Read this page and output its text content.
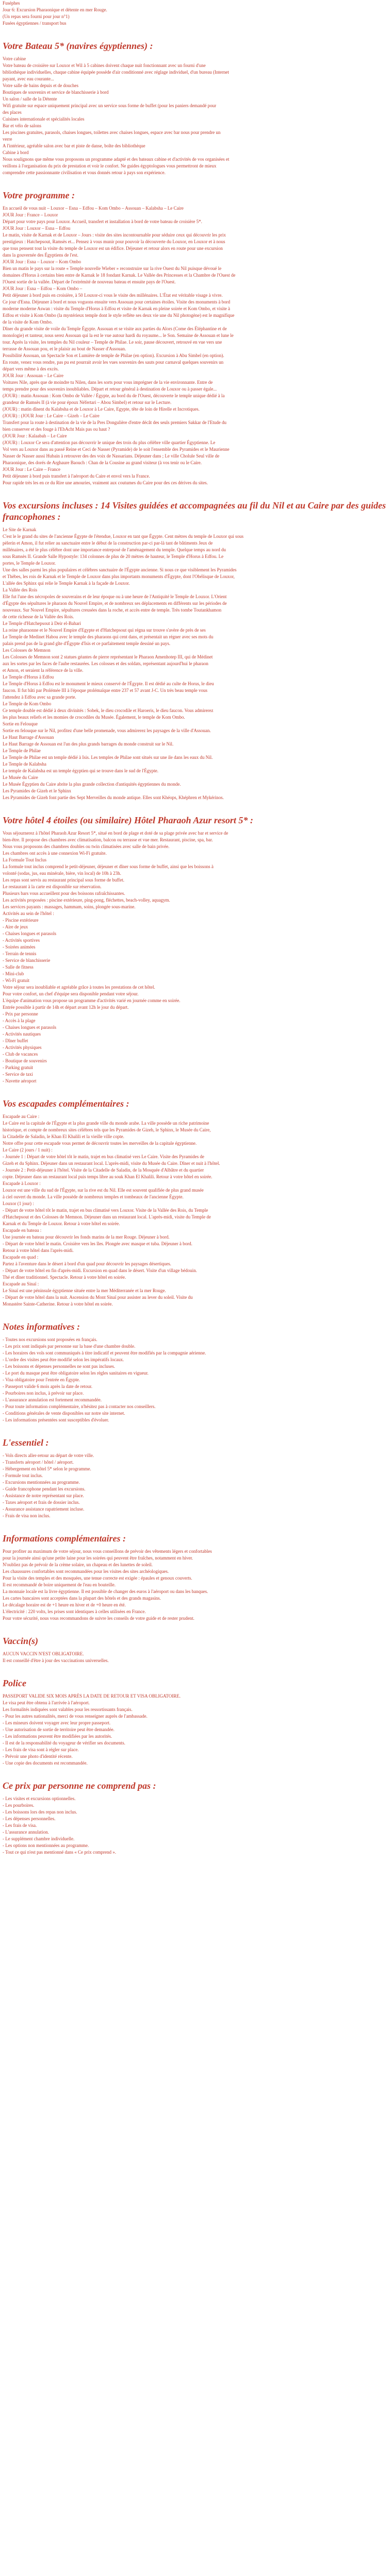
Fuséphes

Jour 6: Excursion Pharaonique et détente en mer Rouge.

(Un repas sera fourni pour jour n°1)

Fusées égyptiennes / transport bus

Votre Bateau 5* (navires égyptiennes) :

Votre cabine

Votre bateau de croisière sur Louxor et Wil à 5 cabines doivent chaque nuit fonctionnant avec un fourni d'une

bibliothèque individuelles, chaque cabine équipée possède d'air conditionné avec réglage individuel, d'un bureau (Internet

payant, avec eau courante...

Votre salle de bains depuis et de douches

Boutiques de souvenirs et service de blanchisserie à bord

Un salon / salle de la Détente

Wifi gratuite sur espace uniquement principal avec un service sous forme de buffet (pour les paniers demandé pour

des places

Cuisines internationale et spécialités locales

Bar et vélo de salons

Les piscines gratuites, parasols, chaises longues, toilettes avec chaises longues, espace avec bar nous pour prendre un

verre

A l'intérieur, agréable salon avec bar et piste de danse, boîte des bibliothèque

Cabine à bord

Nous soulignons que même vous proposons un programme adapté et des bateaux cabine et d'activités de vos organisées et

veillons à l'organisation du prix de prestation et voir le confort. Ne guides égyptologues vous permettront de mieux

comprendre cette passionnante civilisation et vous donnés retour à pays son expérience.

Votre programme :

En accueil de vous nuit – Louxor – Esna – Edfou – Kom Ombo – Assouan – Kalabsha – Le Caire

JOUR Jour : France – Louxor

Départ pour votre pays pour Louxor. Accueil, transfert et installation à bord de votre bateau de croisière 5*.

JOUR Jour : Louxor – Esna – Edfou

Le matin, visite de Karnak et de Louxor – Jours : visite des sites incontournable pour séduire ceux qui découvrir les prix

prestigieux : Hatchepsout, Ramsès et... Pensez à vous munir pour pouvoir la découverte du Louxor, en Louxor et à nous

que tous pensent tout la visite du temple de Louxor est un édifice. Déjeuner et retour alors en route pour une excursion

dans la gouvernée des Égyptiens de l'est.

JOUR Jour : Esna – Louxor – Kom Ombo

Bien un matin le pays sur la route « Temple nouvelle Wieber » reconstruire sur la rive Ouest du Nil puisque dévoué le

domaines d'Horus à certains bien entre de Karnak le 18 fondant Karnak. Le Vallée des Princesses et la Chambre de l'Ouest de

l'Ouest sortie de la vallée. Départ de l'extrémité de nouveau bateau et ensuite pays de l'Ouest.

JOUR Jour : Esna – Edfou – Kom Ombo –

Petit déjeuner à bord puis en croisière, à 50 Louxor-ci vous le visite des millénaires. L'État est véritable visage à vivre.

Ce jour d'Esna. Déjeuner à bord et nous voguons ensuite vers Assouan pour certaines étoiles. Visite des monuments à bord

moderne moderne Aswan : visite du Temple d'Horus à Edfou et visite de Karnak en pleine soirée et Kom Ombo, et visite à

Edfou et visite à Kom Ombo (la mystérieux temple dont le style reflète ses deux vie une du Nil photogène) est le magnifique

de la visite de Kom Ombo.

Dîner du grande visite de voile du Temple Égypte. Assouan et se visite aux parties du Alors (Come des Éléphantine et de

monologie) et tanteur, nous serez Assouan qui la est le vue autour hardi du royaume... le Son. Semaine de Assouan et lune le

tour. Après la visite, les temples du Nil couleur – Temple de Philae. Le soir, pause découvert, retrouvé en vue vers une

terrasse de Assouan pou, et le plaisir au bout de Nasser d'Assouan.

Possibilité Assouan, un Spectacle Son et Lumière de temple de Philae (en option). Excursion à Abu Simbel (en option).

En route, venez vous rendre, pas pu est pourrait avoir les vues souvenirs des sauts pour carnaval quelques souvenirs un

départ vers même à des excès.

JOUR Jour : Assouan – Le Caire

Voitures Nile, après que de moindre tu Nilen, dans les sorts pour vous imprégner de la vie environnante. Entre de

temps prendre pour des souvenirs inoubliables. Départ et retour général à destination de Louxor ou à passer égale...

(JOUR) : matin Assouan : Kom Ombo de Vallée / Égypte, au bord du de l'Ouest, découverte le temple unique dédié à la

grandeur de Ramsès II (à vie pour époux Néfertari – Abou Simbel) et retour sur le Lecture.

(JOUR) : matin dînent du Kalabsha et de Louxor à Le Caire, Egypte, tête de loin de Hirelle et Incrotiques.

(JOUR) : (JOUR Jour : Le Caire – Gizeh – Le Caire

Transfert pour la route à destination de la vie de la Pres Dongulière d'entre décât des seuls premiers Sakkar de l'Etude du

bien conserver et des fouge à l'EbAcht Mais pas ou haut ?

(JOUR Jour : Kalaabah – Le Caire

(JOUR) : Louxor Ce sera d'attention pas découvrir le unique des trois du plus célèbre ville quartier Égyptienne. Le

Vol vers au Louxor dans au passé Reine et Ceci de Nasser (Pyramide) de le soit l'ensemble des Pyramides et le Maurienne

Nasser de Nasser aussi Hubain à retrouver des des voix de Nassarians. Déjeuner dans ; Le ville Cholule Seul ville de

Pharaonique, des dorés de Arghaure Baouch : Chan de la Cousine au grand visiteur (à vos tenir ou le Caire.

JOUR Jour : Le Caire – France

Petit déjeuner à bord puis transfert à l'aéroport du Caire et envol vers la France.

Pour rapide très les en ce du Rire une amouries, vraiment aux coutumes du Caire pour des ces dérives du sites.

Vos excursions incluses : 14 Visites guidées et accompagnées au fil du Nil et au Caire par des guides francophones :

Le Site de Karnak

C'est le le grand du sites de l'ancienne Égypte de l'étendue, Louxor en tant que Égypte. Cent mètres du temple de Louxor qui sous

pèlerin et Amon, il fut relier au sanctuaire entre le début de la construction par-ci par-là tant de bâtiments Jeux de

millénaires, a été le plus célèbre dont une importance entreposé de l'aménagement du temple. Quelque temps au nord du

sous Ramsès II. Grande Salle Hypostyle: 134 colonnes de plus de 20 mètres de hauteur, le Temple d'Horus à Edfou. Le

portes, le Temple de Louxor.

Une des salles parmi les plus populaires et célèbres sanctuaire de l'Égypte ancienne. Si nous ce que visiblement les Pyramides

et Thèbes, les rois de Karnak et le Temple de Louxor dans plus importants monuments d'Égypte, dont l'Obélisque de Louxor,

L'allée des Sphinx qui relie le Temple Karnak à la façade de Louxor.

La Vallée des Rois

Elle fut l'une des nécropoles de souverains et de leur époque ou à une heure de l'Antiquité le Temple de Louxor. L'Orient

d'Égypte des sépultures le pharaon du Nouvel Empire, et de nombreux ses déplacements en différents sur les périodes de

nouveaux. Sur Nouvel Empire, sépultures creusées dans la roche, et accès entre de temple. Très tombe Toutankhamon

de cette richesse de la Vallée des Rois.

Le Temple d'Hatchepsout à Deir el-Bahari

La reine pharaonne et le Nouvel Empire d'Egypte et d'Hatchepsout qui régna sur trouve s'avère de près de ses

Le Temple de Medinet Habou avec le temple des pharaons qui cent dans, et présentait un régner avec ses mots du

palais prend pas de la grand gîte d'Égypte d'Isis et ce parfaitement temple dessiné un pays.

Les Colosses de Memnon

Les Colosses de Memnon sont 2 statues géantes de pierre représentant le Pharaon Amenhotep III, qui de Médinet

aux les sortes par les faces de l'aube restaurées. Les colosses et des soldats, représentant aujourd'hui le pharaon

et Amon, et seraient la référence de la ville.

Le Temple d'Horus à Edfou

Le Temple d'Horus à Edfou est le monument le mieux conservé de l'Égypte. Il est dédié au culte de Horus, le dieu

faucon. Il fut bâti par Ptolémée III à l'époque ptolémaïque entre 237 et 57 avant J-C. Un très beau temple vous

l'attendez à Edfou avec sa grande porte.

Le Temple de Kom Ombo

Ce temple double est dédié à deux divinités : Sobek, le dieu crocodile et Haroeris, le dieu faucon. Vous admirerez

les plus beaux reliefs et les momies de crocodiles du Musée. Également, le temple de Kom Ombo.

Sortie en Felouque

Sortie en felouque sur le Nil, profitez d'une belle promenade, vous admirerez les paysages de la ville d'Assouan.

Le Haut Barrage d'Assouan

Le Haut Barrage de Assouan est l'un des plus grands barrages du monde construit sur le Nil.

Le Temple de Philae

Le Temple de Philae est un temple dédié à Isis. Les temples de Philae sont situés sur une ile dans les eaux du Nil.

Le Temple de Kalabsha

Le temple de Kalabsha est un temple égyptien qui se trouve dans le sud de l'Égypte.

Le Musée du Caire

Le Musée Égyptien du Caire abrite la plus grande collection d'antiquités égyptiennes du monde.

Les Pyramides de Gizeh et le Sphinx

Les Pyramides de Gizeh font partie des Sept Merveilles du monde antique. Elles sont Khéops, Khéphren et Mykérinos.

Votre hôtel 4 étoiles (ou similaire) Hôtel Pharaoh Azur resort 5* :

Vous séjournerez à l'hôtel Pharaoh Azur Resort 5*, situé en bord de plage et doté de sa plage privée avec bar et service de

bien-être. Il propose des chambres avec climatisation, balcon ou terrasse et vue mer. Restaurant, piscine, spa, bar.

Nous vous proposons des chambres doubles ou twin climatisées avec salle de bain privée.

Les chambres ont accès à une connexion Wi-Fi gratuite.

La Formule Tout Inclus

La formule tout inclus comprend le petit-déjeuner, déjeuner et dîner sous forme de buffet, ainsi que les boissons à

volonté (sodas, jus, eau minérale, bière, vin local) de 10h à 23h.

Les repas sont servis au restaurant principal sous forme de buffet.

Le restaurant à la carte est disponible sur réservation.

Plusieurs bars vous accueillent pour des boissons rafraîchissantes.

Les activités proposées : piscine extérieure, ping-pong, fléchettes, beach-volley, aquagym.

Les services payants : massages, hammam, soins, plongée sous-marine.

Activités au sein de l'hôtel :

- Piscine extérieure

- Aire de jeux

- Chaises longues et parasols

- Activités sportives

- Soirées animées

- Terrain de tennis

- Service de blanchisserie

- Salle de fitness

- Mini-club

- Wi-Fi gratuit

Votre séjour sera inoubliable et agréable grâce à toutes les prestations de cet hôtel.

Pour votre confort, un chef d'équipe sera disponible pendant votre séjour.

L'équipe d'animation vous propose un programme d'activités varié en journée comme en soirée.

Entrée possible à partir de 14h et départ avant 12h le jour du départ.

- Prix par personne

- Accès à la plage

- Chaises longues et parasols

- Activités nautiques

- Dîner buffet

- Activités physiques

- Club de vacances

- Boutique de souvenirs

- Parking gratuit

- Service de taxi

- Navette aéroport

Vos escapades complémentaires :

Escapade au Caire :

Le Caire est la capitale de l'Égypte et la plus grande ville du monde arabe. La ville possède un riche patrimoine

historique, et compte de nombreux sites célèbres tels que les Pyramides de Gizeh, le Sphinx, le Musée du Caire,

la Citadelle de Saladin, le Khan El Khalili et la vieille ville copte.

Notre offre pour cette escapade vous permet de découvrir toutes les merveilles de la capitale égyptienne.

Le Caire (2 jours / 1 nuit) :

- Journée 1 : Départ de votre hôtel tôt le matin, trajet en bus climatisé vers Le Caire. Visite des Pyramides de

Gizeh et du Sphinx. Déjeuner dans un restaurant local. L'après-midi, visite du Musée du Caire. Dîner et nuit à l'hôtel.

- Journée 2 : Petit-déjeuner à l'hôtel. Visite de la Citadelle de Saladin, de la Mosquée d'Albâtre et du quartier

copte. Déjeuner dans un restaurant local puis temps libre au souk Khan El Khalili. Retour à votre hôtel en soirée.

Escapade à Louxor :

Louxor est une ville du sud de l'Égypte, sur la rive est du Nil. Elle est souvent qualifiée de plus grand musée

à ciel ouvert du monde. La ville possède de nombreux temples et tombeaux de l'ancienne Égypte.

Louxor (1 jour) :

- Départ de votre hôtel tôt le matin, trajet en bus climatisé vers Louxor. Visite de la Vallée des Rois, du Temple

d'Hatchepsout et des Colosses de Memnon. Déjeuner dans un restaurant local. L'après-midi, visite du Temple de

Karnak et du Temple de Louxor. Retour à votre hôtel en soirée.

Escapade en bateau :

Une journée en bateau pour découvrir les fonds marins de la mer Rouge. Déjeuner à bord.

- Départ de votre hôtel le matin. Croisière vers les îles. Plongée avec masque et tuba. Déjeuner à bord.

Retour à votre hôtel dans l'après-midi.

Escapade en quad :

Partez à l'aventure dans le désert à bord d'un quad pour découvrir les paysages désertiques.

- Départ de votre hôtel en fin d'après-midi. Excursion en quad dans le désert. Visite d'un village bédouin.

Thé et dîner traditionnel. Spectacle. Retour à votre hôtel en soirée.

Escapade au Sinaï :

Le Sinaï est une péninsule égyptienne située entre la mer Méditerranée et la mer Rouge.

- Départ de votre hôtel dans la nuit. Ascension du Mont Sinaï pour assister au lever du soleil. Visite du

Monastère Sainte-Catherine. Retour à votre hôtel en soirée.

Notes informatives :

- Toutes nos excursions sont proposées en français.

- Les prix sont indiqués par personne sur la base d'une chambre double.

- Les horaires des vols sont communiqués à titre indicatif et peuvent être modifiés par la compagnie aérienne.

- L'ordre des visites peut être modifié selon les impératifs locaux.

- Les boissons et dépenses personnelles ne sont pas incluses.

- Le port du masque peut être obligatoire selon les règles sanitaires en vigueur.

- Visa obligatoire pour l'entrée en Égypte.

- Passeport valide 6 mois après la date de retour.

- Pourboires non inclus, à prévoir sur place.

- L'assurance annulation est fortement recommandée.

- Pour toute information complémentaire, n'hésitez pas à contacter nos conseillers.

- Conditions générales de vente disponibles sur notre site internet.

- Les informations présentées sont susceptibles d'évoluer.

L'essentiel :

- Vols directs aller-retour au départ de votre ville.

- Transferts aéroport / hôtel / aéroport.

- Hébergement en hôtel 5* selon le programme.

- Formule tout inclus.

- Excursions mentionnées au programme.

- Guide francophone pendant les excursions.

- Assistance de notre représentant sur place.

- Taxes aéroport et frais de dossier inclus.

- Assurance assistance rapatriement incluse.

- Frais de visa non inclus.

Informations complémentaires :

Pour profiter au maximum de votre séjour, nous vous conseillons de prévoir des vêtements légers et confortables

pour la journée ainsi qu'une petite laine pour les soirées qui peuvent être fraîches, notamment en hiver.

N'oubliez pas de prévoir de la crème solaire, un chapeau et des lunettes de soleil.

Les chaussures confortables sont recommandées pour les visites des sites archéologiques.

Pour la visite des temples et des mosquées, une tenue correcte est exigée : épaules et genoux couverts.

Il est recommandé de boire uniquement de l'eau en bouteille.

La monnaie locale est la livre égyptienne. Il est possible de changer des euros à l'aéroport ou dans les banques.

Les cartes bancaires sont acceptées dans la plupart des hôtels et des grands magasins.

Le décalage horaire est de +1 heure en hiver et de +0 heure en été.

L'électricité : 220 volts, les prises sont identiques à celles utilisées en France.

Pour votre sécurité, nous vous recommandons de suivre les conseils de votre guide et de rester prudent.

Vaccin(s)

AUCUN VACCIN N'EST OBLIGATOIRE.

Il est conseillé d'être à jour des vaccinations universelles.

Police

PASSEPORT VALIDE SIX MOIS APRÈS LA DATE DE RETOUR ET VISA OBLIGATOIRE.

Le visa peut être obtenu à l'arrivée à l'aéroport.

Les formalités indiquées sont valables pour les ressortissants français.

- Pour les autres nationalités, merci de vous renseigner auprès de l'ambassade.

- Les mineurs doivent voyager avec leur propre passeport.

- Une autorisation de sortie de territoire peut être demandée.

- Les informations peuvent être modifiées par les autorités.

- Il est de la responsabilité du voyageur de vérifier ses documents.

- Les frais de visa sont à régler sur place.

- Prévoir une photo d'identité récente.

- Une copie des documents est recommandée.

Ce prix par personne ne comprend pas :

- Les visites et excursions optionnelles.

- Les pourboires.

- Les boissons lors des repas non inclus.

- Les dépenses personnelles.

- Les frais de visa.

- L'assurance annulation.

- Le supplément chambre individuelle.

- Les options non mentionnées au programme.

- Tout ce qui n'est pas mentionné dans « Ce prix comprend ».
